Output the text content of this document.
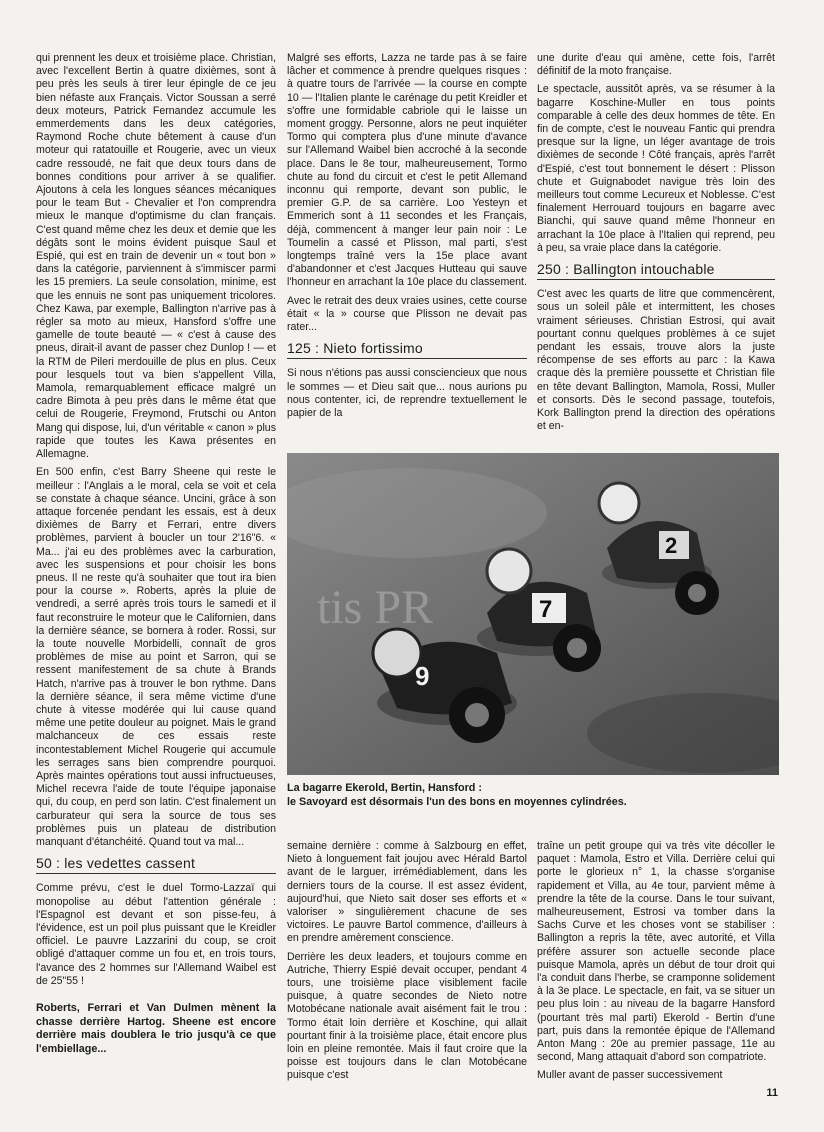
qui prennent les deux et troisième place. Christian, avec l'excellent Bertin à quatre dixièmes, sont à peu près les seuls à tirer leur épingle de ce jeu bien néfaste aux Français. Victor Soussan a serré deux moteurs, Patrick Fernandez accumule les emmerdements dans les deux catégories, Raymond Roche chute bêtement à cause d'un moteur qui ratatouille et Rougerie, avec un vieux cadre ressoudé, ne fait que deux tours dans de bonnes conditions pour arriver à se qualifier. Ajoutons à cela les longues séances mécaniques pour le team But - Chevalier et l'on comprendra mieux le manque d'optimisme du clan français. C'est quand même chez les deux et demie que les dégâts sont le moins évident puisque Saul et Espié, qui est en train de devenir un « tout bon » dans la catégorie, parviennent à s'immiscer parmi les 15 premiers. La seule consolation, minime, est que les ennuis ne sont pas uniquement tricolores. Chez Kawa, par exemple, Ballington n'arrive pas à régler sa moto au mieux, Hansford s'offre une gamelle de toute beauté — « c'est à cause des pneus, dirait-il avant de passer chez Dunlop ! — et la RTM de Pileri merdouille de plus en plus. Ceux pour lesquels tout va bien s'appellent Villa, Mamola, remarquablement efficace malgré un cadre Bimota à peu près dans le même état que celui de Rougerie, Freymond, Frutschi ou Anton Mang qui dispose, lui, d'un véritable « canon » plus rapide que toutes les Kawa présentes en Allemagne.

En 500 enfin, c'est Barry Sheene qui reste le meilleur : l'Anglais a le moral, cela se voit et cela se constate à chaque séance. Uncini, grâce à son attaque forcenée pendant les essais, est à deux dixièmes de Barry et Ferrari, entre divers problèmes, parvient à boucler un tour 2'16"6. « Ma... j'ai eu des problèmes avec la carburation, avec les suspensions et pour choisir les bons pneus. Il ne reste qu'à souhaiter que tout ira bien pour la course ». Roberts, après la pluie de vendredi, a serré après trois tours le samedi et il faut reconstruire le moteur que le Californien, dans la dernière séance, se bornera à roder. Rossi, sur la toute nouvelle Morbidelli, connaît de gros problèmes de mise au point et Sarron, qui se ressent manifestement de sa chute à Brands Hatch, n'arrive pas à trouver le bon rythme. Dans la dernière séance, il sera même victime d'une chute à vitesse modérée qui lui cause quand même une petite douleur au poignet. Mais le grand malchanceux de ces essais reste incontestablement Michel Rougerie qui accumule les serrages sans bien comprendre pourquoi. Après maintes opérations tout aussi infructueuses, Michel recevra l'aide de toute l'équipe japonaise qui, du coup, en perd son latin. C'est finalement un carburateur qui sera la source de tous ses problèmes puis un plateau de distribution manquant d'étanchéité. Quand tout va mal...

50 : les vedettes cassent

Comme prévu, c'est le duel Tormo-Lazzaï qui monopolise au début l'attention générale : l'Espagnol est devant et son pisse-feu, à l'évidence, est un poil plus puissant que le Kreidler officiel. Le pauvre Lazzarini du coup, se croit obligé d'attaquer comme un fou et, en trois tours, l'avance des 2 hommes sur l'Allemand Waibel est de 25"55 !

Roberts, Ferrari et Van Dulmen mènent la chasse derrière Hartog. Sheene est encore derrière mais doublera le trio jusqu'à ce que l'embiellage...

Malgré ses efforts, Lazza ne tarde pas à se faire lâcher et commence à prendre quelques risques : à quatre tours de l'arrivée — la course en compte 10 — l'Italien plante le carénage du petit Kreidler et s'offre une formidable cabriole qui le laisse un moment groggy. Personne, alors ne peut inquiéter Tormo qui comptera plus d'une minute d'avance sur l'Allemand Waibel bien accroché à la seconde place. Dans le 8e tour, malheureusement, Tormo chute au fond du circuit et c'est le petit Allemand inconnu qui remporte, devant son public, le premier G.P. de sa carrière. Loo Yesteyn et Emmerich sont à 11 secondes et les Français, déjà, commencent à manger leur pain noir : Le Toumelin a cassé et Plisson, mal parti, s'est longtemps traîné vers la 15e place avant d'abandonner et c'est Jacques Hutteau qui sauve l'honneur en arrachant la 10e place du classement.

Avec le retrait des deux vraies usines, cette course était « la » course que Plisson ne devait pas rater...

125 : Nieto fortissimo

Si nous n'étions pas aussi consciencieux que nous le sommes — et Dieu sait que... nous aurions pu nous contenter, ici, de reprendre textuellement le papier de la

une durite d'eau qui amène, cette fois, l'arrêt définitif de la moto française.

Le spectacle, aussitôt après, va se résumer à la bagarre Koschine-Muller en tous points comparable à celle des deux hommes de tête. En fin de compte, c'est le nouveau Fantic qui prendra presque sur la ligne, un léger avantage de trois dixièmes de seconde ! Côté français, après l'arrêt d'Espié, c'est tout bonnement le désert : Plisson chute et Guignabodet navigue très loin des meilleurs tout comme Lecureux et Noblesse. C'est finalement Herrouard toujours en bagarre avec Bianchi, qui sauve quand même l'honneur en arrachant la 10e place à l'Italien qui reprend, peu à peu, sa vraie place dans la catégorie.

250 : Ballington intouchable

C'est avec les quarts de litre que commencèrent, sous un soleil pâle et intermittent, les choses vraiment sérieuses. Christian Estrosi, qui avait pourtant connu quelques problèmes à ce sujet pendant les essais, trouve alors la juste récompense de ses efforts au parc : la Kawa craque dès la première poussette et Christian file en tête devant Ballington, Mamola, Rossi, Muller et consorts. Dès le second passage, toutefois, Kork Ballington prend la direction des opérations et en-

9
7
2
tis PR
La bagarre Ekerold, Bertin, Hansford :
le Savoyard est désormais l'un des bons en moyennes cylindrées.

semaine dernière : comme à Salzbourg en effet, Nieto à longuement fait joujou avec Hérald Bartol avant de le larguer, irrémédiablement, dans les derniers tours de la course. Il est assez évident, aujourd'hui, que Nieto sait doser ses efforts et « valoriser » singulièrement chacune de ses victoires. Le pauvre Bartol commence, d'ailleurs à en prendre amèrement conscience.

Derrière les deux leaders, et toujours comme en Autriche, Thierry Espié devait occuper, pendant 4 tours, une troisième place visiblement facile puisque, à quatre secondes de Nieto notre Motobécane nationale avait aisément fait le trou : Tormo était loin derrière et Koschine, qui allait pourtant finir à la troisième place, était encore plus loin en pleine remontée. Mais il faut croire que la poisse est toujours dans le clan Motobécane puisque c'est

traîne un petit groupe qui va très vite décoller le paquet : Mamola, Estro et Villa. Derrière celui qui porte le glorieux n° 1, la chasse s'organise rapidement et Villa, au 4e tour, parvient même à prendre la tête de la course. Dans le tour suivant, malheureusement, Estrosi va tomber dans la Sachs Curve et les choses vont se stabiliser : Ballington a repris la tête, avec autorité, et Villa préfère assurer son actuelle seconde place puisque Mamola, après un début de tour droit qui l'a conduit dans l'herbe, se cramponne solidement à la 3e place. Le spectacle, en fait, va se situer un peu plus loin : au niveau de la bagarre Hansford (pourtant très mal parti) Ekerold - Bertin d'une part, puis dans la remontée épique de l'Allemand Anton Mang : 20e au premier passage, 11e au second, Mang attaquait d'abord son compatriote.

Muller avant de passer successivement

11
